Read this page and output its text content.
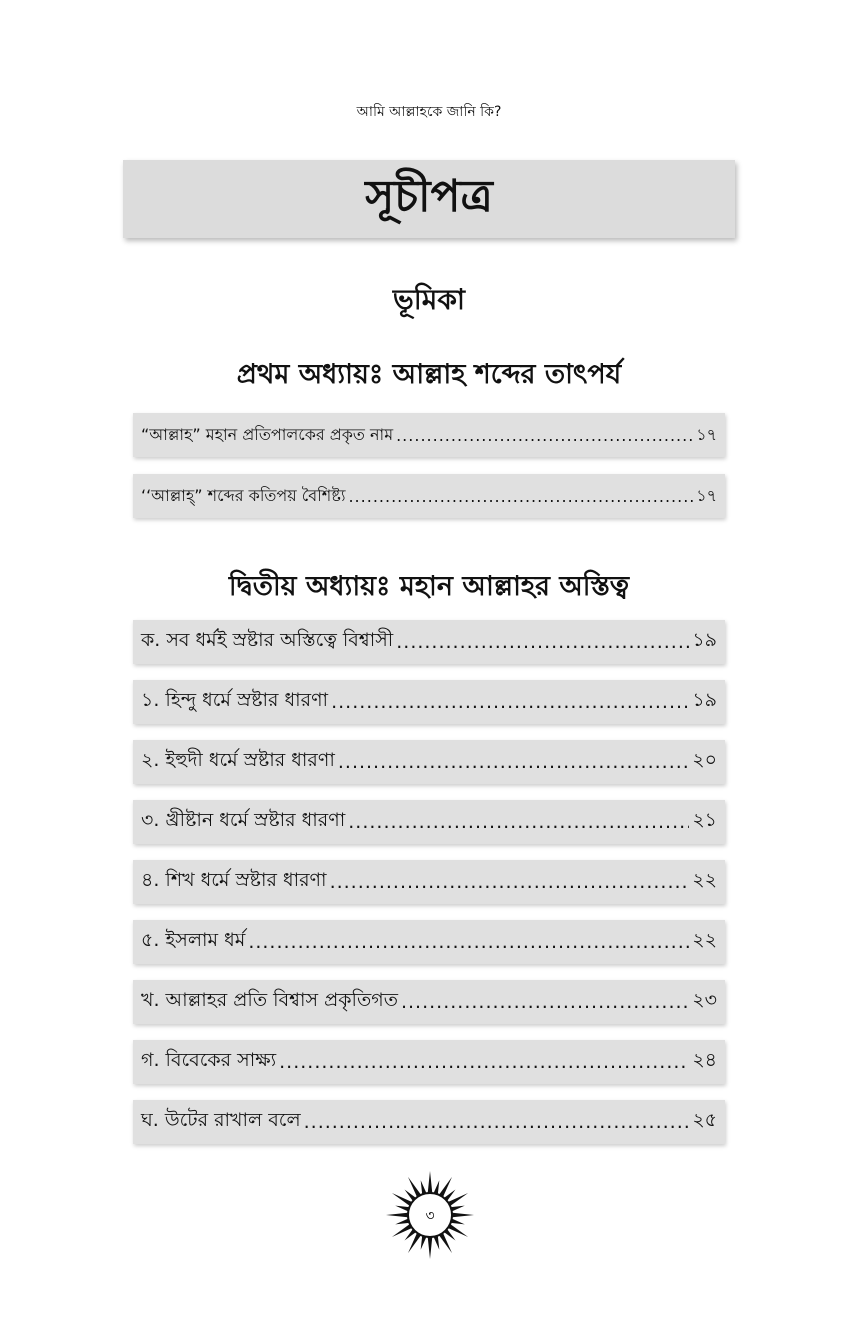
আমি আল্লাহকে জানি কি?
সূচীপত্র
ভূমিকা
প্রথম অধ্যায়ঃ আল্লাহ শব্দের তাৎপর্য
“আল্লাহ” মহান প্রতিপালকের প্রকৃত নাম .....	১৭
‘‘আল্লাহ্” শব্দের কতিপয় বৈশিষ্ট্য .....	১৭
দ্বিতীয় অধ্যায়ঃ মহান আল্লাহর অস্তিত্ব
ক. সব ধর্মই স্রষ্টার অস্তিত্বে বিশ্বাসী .....	১৯
১. হিন্দু ধর্মে স্রষ্টার ধারণা .....	১৯
২. ইহুদী ধর্মে স্রষ্টার ধারণা .....	২০
৩. খ্রীষ্টান ধর্মে স্রষ্টার ধারণা .....	২১
৪. শিখ ধর্মে স্রষ্টার ধারণা .....	২২
৫. ইসলাম ধর্ম .....	২২
খ. আল্লাহর প্রতি বিশ্বাস প্রকৃতিগত .....	২৩
গ. বিবেকের সাক্ষ্য .....	২৪
ঘ. উটের রাখাল বলে .....	২৫
৩
